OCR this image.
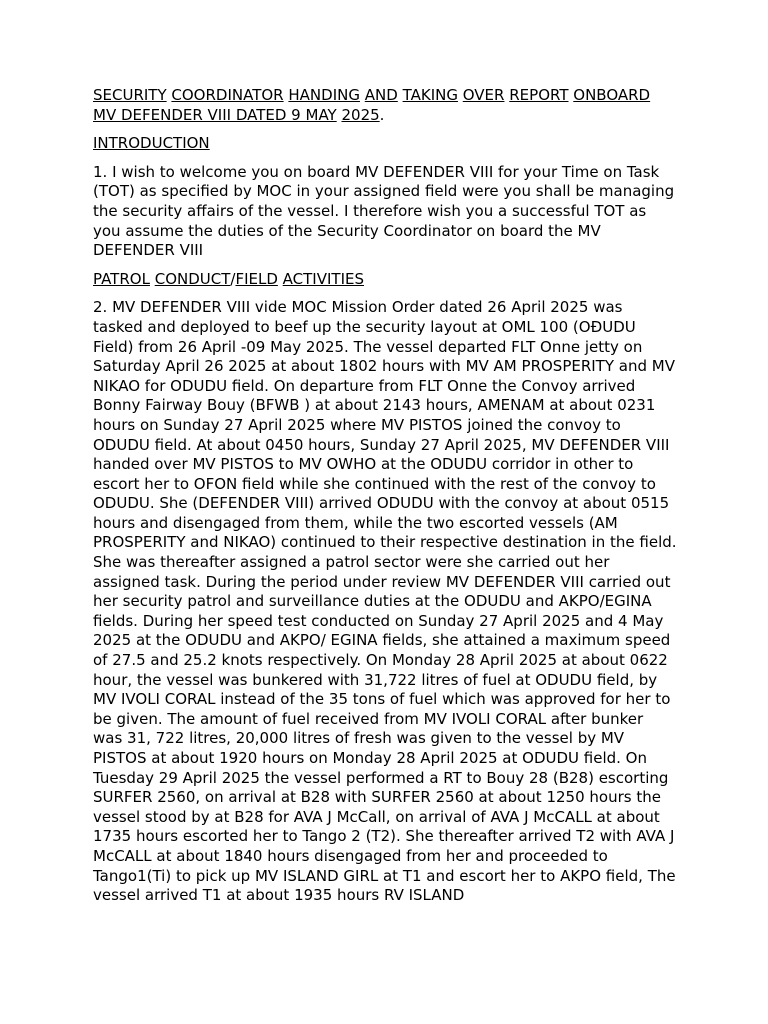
SECURITY COORDINATOR HANDING AND TAKING OVER REPORT ONBOARD MV DEFENDER VIII DATED 9 MAY 2025.

INTRODUCTION

1. I wish to welcome you on board MV DEFENDER VIII for your Time on Task (TOT) as specified by MOC in your assigned field were you shall be managing the security affairs of the vessel. I therefore wish you a successful TOT as you assume the duties of the Security Coordinator on board the MV DEFENDER VIII

PATROL CONDUCT/FIELD ACTIVITIES

2. MV DEFENDER VIII vide MOC Mission Order dated 26 April 2025 was tasked and deployed to beef up the security layout at OML 100 (OĐUDU Field) from 26 April -09 May 2025. The vessel departed FLT Onne jetty on Saturday April 26 2025 at about 1802 hours with MV AM PROSPERITY and MV NIKAO for ODUDU field. On departure from FLT Onne the Convoy arrived Bonny Fairway Bouy (BFWB ) at about 2143 hours, AMENAM at about 0231 hours on Sunday 27 April 2025 where MV PISTOS joined the convoy to ODUDU field. At about 0450 hours, Sunday 27 April 2025, MV DEFENDER VIII handed over MV PISTOS to MV OWHO at the ODUDU corridor in other to escort her to OFON field while she continued with the rest of the convoy to ODUDU. She (DEFENDER VIII) arrived ODUDU with the convoy at about 0515 hours and disengaged from them, while the two escorted vessels (AM PROSPERITY and NIKAO) continued to their respective destination in the field. She was thereafter assigned a patrol sector were she carried out her assigned task. During the period under review MV DEFENDER VIII carried out her security patrol and surveillance duties at the ODUDU and AKPO/EGINA fields. During her speed test conducted on Sunday 27 April 2025 and 4 May 2025 at the ODUDU and AKPO/ EGINA fields, she attained a maximum speed of 27.5 and 25.2 knots respectively. On Monday 28 April 2025 at about 0622 hour, the vessel was bunkered with 31,722 litres of fuel at ODUDU field, by MV IVOLI CORAL instead of the 35 tons of fuel which was approved for her to be given. The amount of fuel received from MV IVOLI CORAL after bunker was 31, 722 litres, 20,000 litres of fresh was given to the vessel by MV PISTOS at about 1920 hours on Monday 28 April 2025 at ODUDU field. On Tuesday 29 April 2025 the vessel performed a RT to Bouy 28 (B28) escorting SURFER 2560, on arrival at B28 with SURFER 2560 at about 1250 hours the vessel stood by at B28 for AVA J McCall, on arrival of AVA J McCALL at about 1735 hours escorted her to Tango 2 (T2). She thereafter arrived T2 with AVA J McCALL at about 1840 hours disengaged from her and proceeded to Tango1(Ti) to pick up MV ISLAND GIRL at T1 and escort her to AKPO field, The vessel arrived T1 at about 1935 hours RV ISLAND
